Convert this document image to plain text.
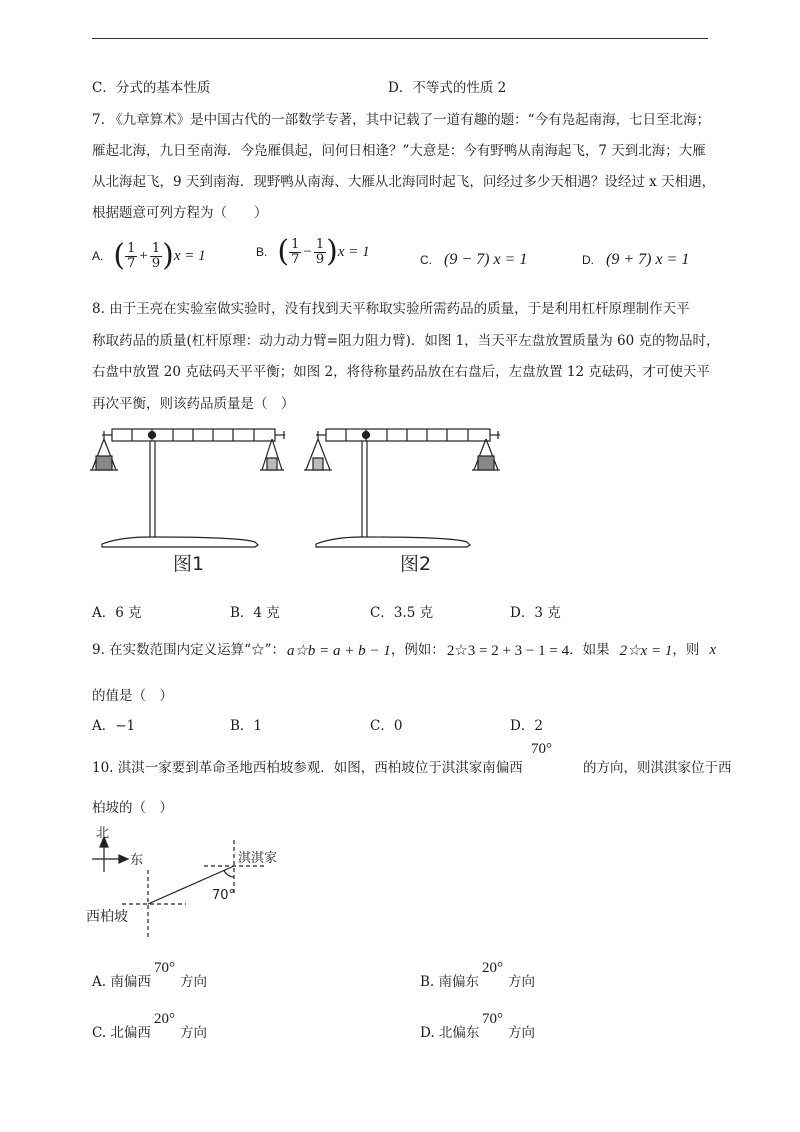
C．分式的基本性质	D．不等式的性质 2
7. 《九章算术》是中国古代的一部数学专著，其中记载了一道有趣的题：“今有凫起南海，七日至北海；
雁起北海，九日至南海．今凫雁俱起，问何日相逢？”大意是：今有野鸭从南海起飞，7 天到北海；大雁
从北海起飞，9 天到南海．现野鸭从南海、大雁从北海同时起飞，问经过多少天相遇？设经过 x 天相遇，
根据题意可列方程为（　　）
A. ( $\frac{1}{7} + \frac{1}{9}$ ) x = 1	B. ( $\frac{1}{7} - \frac{1}{9}$ ) x = 1
C. (9 − 7) x = 1	D. (9 + 7) x = 1
8. 由于王亮在实验室做实验时，没有找到天平称取实验所需药品的质量，于是利用杠杆原理制作天平
称取药品的质量(杠杆原理：动力动力臂=阻力阻力臂)．如图 1，当天平左盘放置质量为 60 克的物品时，
右盘中放置 20 克砝码天平平衡；如图 2，将待称量药品放在右盘后，左盘放置 12 克砝码，才可使天平
再次平衡，则该药品质量是（　）
图1	图2
A．6 克	B．4 克	C．3.5 克	D．3 克
9. 在实数范围内定义运算“☆”： a☆b = a + b − 1 ，例如： 2☆3 = 2 + 3 − 1 = 4 ．如果 2☆x = 1 ，则 x
的值是（　）
A．−1	B．1	C．0	D．2
10. 淇淇一家要到革命圣地西柏坡参观．如图，西柏坡位于淇淇家南偏西
70°
的方向，则淇淇家位于西
柏坡的（　）
北
东	淇淇家
西柏坡
70°
A. 南偏西
70°
方向	B. 南偏东
20°
方向
C. 北偏西
20°
方向	D. 北偏东
70°
方向
